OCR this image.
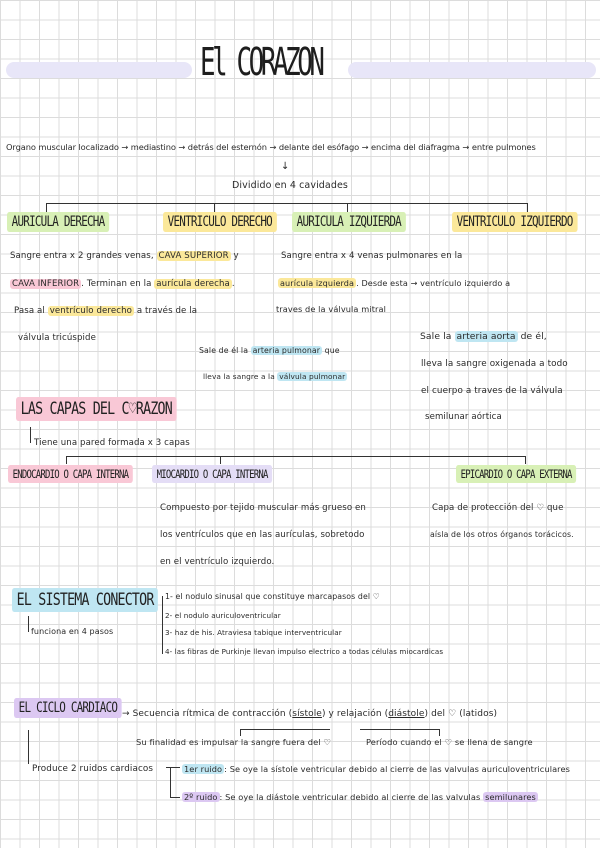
El CORAZON
Organo muscular localizado → mediastino → detrás del esternón → delante del esófago → encima del diafragma → entre pulmones
↓
Dividido en 4 cavidades
AURICULA DERECHA	VENTRICULO DERECHO	AURICULA IZQUIERDA	VENTRICULO IZQUIERDO
Sangre entra x 2 grandes venas, CAVA SUPERIOR y
CAVA INFERIOR . Terminan en la aurícula derecha .
Pasa al ventrículo derecho a través de la
válvula tricúspide
Sale de él la arteria pulmonar que
lleva la sangre a la válvula pulmonar
Sangre entra x 4 venas pulmonares en la
aurícula izquierda . Desde esta → ventrículo izquierdo a
traves de la válvula mitral
Sale la arteria aorta de él,
lleva la sangre oxigenada a todo
el cuerpo a traves de la válvula
semilunar aórtica
LAS CAPAS DEL C♡RAZON
Tiene una pared formada x 3 capas
ENDOCARDIO O CAPA INTERNA	MIOCARDIO O CAPA INTERNA	EPICARDIO O CAPA EXTERNA
Compuesto por tejido muscular más grueso en
los ventrículos que en las aurículas, sobretodo
en el ventrículo izquierdo.
Capa de protección del ♡ que
aísla de los otros órganos torácicos.
EL SISTEMA CONECTOR
funciona en 4 pasos
1- el nodulo sinusal que constituye marcapasos del ♡
2- el nodulo auriculoventricular
3- haz de his. Atraviesa tabique interventricular
4- las fibras de Purkinje llevan impulso electrico a todas células miocardicas
EL CICLO CARDIACO → Secuencia rítmica de contracción (sístole) y relajación (diástole) del ♡ (latidos)
Su finalidad es impulsar la sangre fuera del ♡	Período cuando el ♡ se llena de sangre
Produce 2 ruidos cardiacos	1er ruido : Se oye la sístole ventricular debido al cierre de las valvulas auriculoventriculares
2º ruido : Se oye la diástole ventricular debido al cierre de las valvulas semilunares
